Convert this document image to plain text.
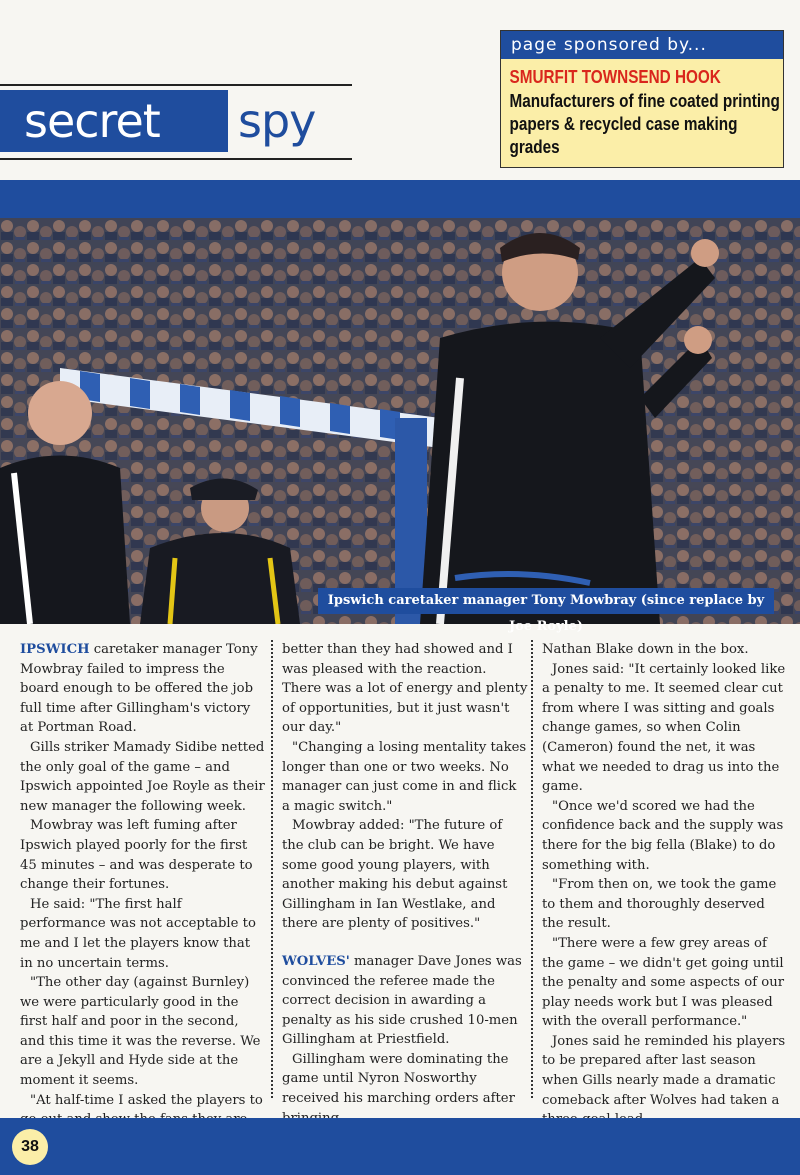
secret	spy
page sponsored by...
SMURFIT TOWNSEND HOOK
Manufacturers of fine coated printing papers & recycled case making grades
Ipswich caretaker manager Tony Mowbray (since replace by Joe Royle)

IPSWICH caretaker manager Tony Mowbray failed to impress the board enough to be offered the job full time after Gillingham's victory at Portman Road.

Gills striker Mamady Sidibe netted the only goal of the game – and Ipswich appointed Joe Royle as their new manager the following week.

Mowbray was left fuming after Ipswich played poorly for the first 45 minutes – and was desperate to change their fortunes.

He said: "The first half performance was not acceptable to me and I let the players know that in no uncertain terms.

"The other day (against Burnley) we were particularly good in the first half and poor in the second, and this time it was the reverse. We are a Jekyll and Hyde side at the moment it seems.

"At half-time I asked the players to

better than they had showed and I was pleased with the reaction. There was a lot of energy and plenty of opportunities, but it just wasn't our day."

"Changing a losing mentality takes longer than one or two weeks. No manager can just come in and flick a magic switch."

Mowbray added: "The future of the club can be bright. We have some good young players, with another making his debut against Gillingham in Ian Westlake, and there are plenty of positives."

WOLVES' manager Dave Jones was convinced the referee made the correct decision in awarding a penalty as his side crushed 10-men Gillingham at Priestfield.

Gillingham were dominating the game until Nyron Nosworthy received his marching orders after

Nathan Blake down in the box.

Jones said: "It certainly looked like a penalty to me. It seemed clear cut from where I was sitting and goals change games, so when Colin (Cameron) found the net, it was what we needed to drag us into the game.

"Once we'd scored we had the confidence back and the supply was there for the big fella (Blake) to do something with.

"From then on, we took the game to them and thoroughly deserved the result.

"There were a few grey areas of the game – we didn't get going until the penalty and some aspects of our play needs work but I was pleased with the overall performance."

Jones said he reminded his players to be prepared after last season when Gills nearly made a dramatic comeback after Wolves had taken a

38
